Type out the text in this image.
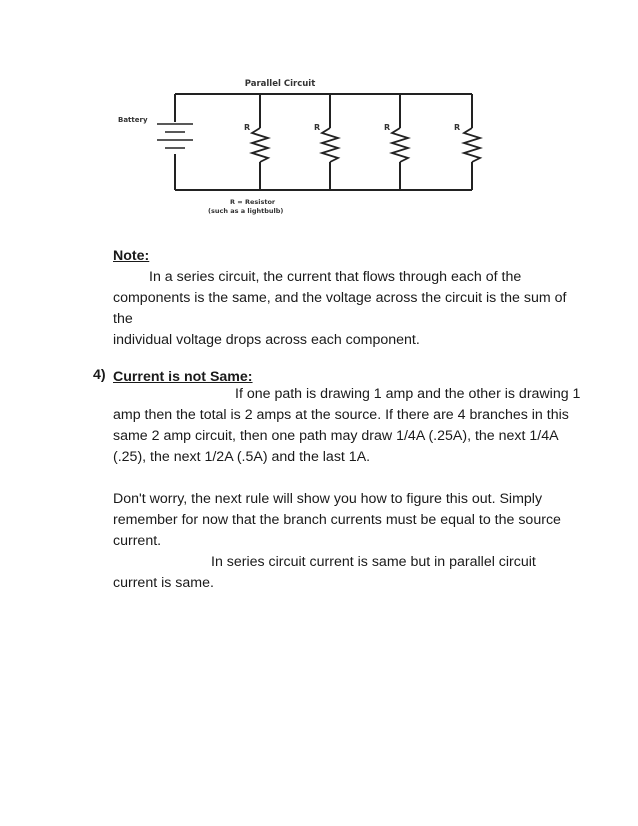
Parallel Circuit
Battery
R	R	R	R
R = Resistor
(such as a lightbulb)
Note:
In a series circuit, the current that flows through each of the
components is the same, and the voltage across the circuit is the sum of the
individual voltage drops across each component.
4) Current is not Same:
If one path is drawing 1 amp and the other is drawing 1
amp then the total is 2 amps at the source. If there are 4 branches in this
same 2 amp circuit, then one path may draw 1/4A (.25A), the next 1/4A
(.25), the next 1/2A (.5A) and the last 1A.
Don't worry, the next rule will show you how to figure this out. Simply
remember for now that the branch currents must be equal to the source
current.
In series circuit current is same but in parallel circuit
current is same.
